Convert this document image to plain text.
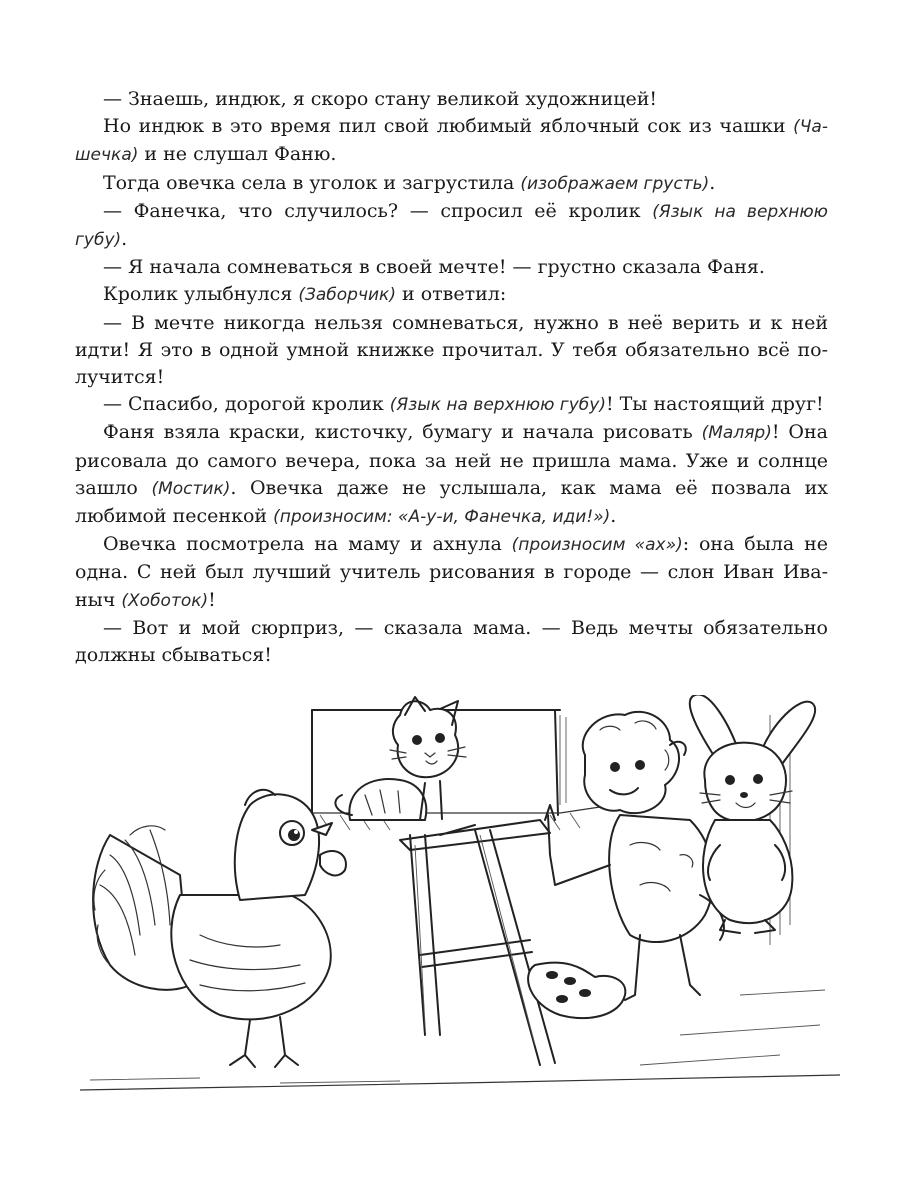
— Знаешь, индюк, я скоро стану великой художницей!

Но индюк в это время пил свой любимый яблочный сок из чашки (Чашечка) и не слушал Фаню.

Тогда овечка села в уголок и загрустила (изображаем грусть).

— Фанечка, что случилось? — спросил её кролик (Язык на верхнюю губу).

— Я начала сомневаться в своей мечте! — грустно сказала Фаня.

Кролик улыбнулся (Заборчик) и ответил:

— В мечте никогда нельзя сомневаться, нужно в неё верить и к ней идти! Я это в одной умной книжке прочитал. У тебя обязательно всё получится!

— Спасибо, дорогой кролик (Язык на верхнюю губу)! Ты настоящий друг!

Фаня взяла краски, кисточку, бумагу и начала рисовать (Маляр)! Она рисовала до самого вечера, пока за ней не пришла мама. Уже и солнце зашло (Мостик). Овечка даже не услышала, как мама её позвала их любимой песенкой (произносим: «А-у-и, Фанечка, иди!»).

Овечка посмотрела на маму и ахнула (произносим «ах»): она была не одна. С ней был лучший учитель рисования в городе — слон Иван Иваныч (Хоботок)!

— Вот и мой сюрприз, — сказала мама. — Ведь мечты обязательно должны сбываться!
